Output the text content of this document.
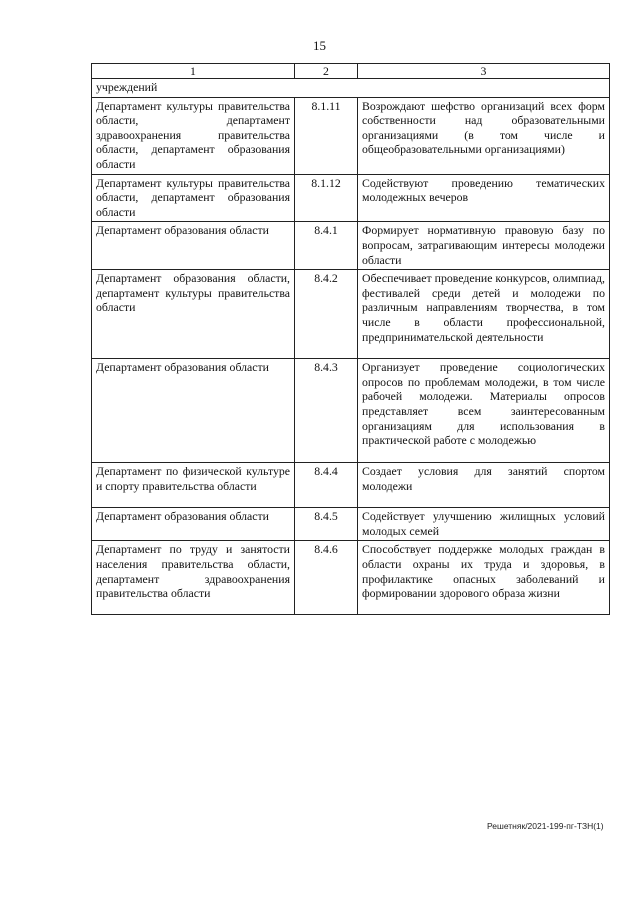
15
1	2	3
учреждений		
Департамент культуры правительства области, департамент здравоохранения правительства области, департамент образования области	8.1.11	Возрождают шефство организаций всех форм собственности над образовательными организациями (в том числе и общеобразовательными организациями)
Департамент культуры правительства области, департамент образования области	8.1.12	Содействуют проведению тематических молодежных вечеров
Департамент образования области	8.4.1	Формирует нормативную правовую базу по вопросам, затрагивающим интересы молодежи области
Департамент образования области, департамент культуры правительства области	8.4.2	Обеспечивает проведение конкурсов, олимпиад, фестивалей среди детей и молодежи по различным направлениям творчества, в том числе в области профессиональной, предпринимательской деятельности
Департамент образования области	8.4.3	Организует проведение социологических опросов по проблемам молодежи, в том числе рабочей молодежи. Материалы опросов представляет всем заинтересованным организациям для использования в практической работе с молодежью
Департамент по физической культуре и спорту правительства области	8.4.4	Создает условия для занятий спортом молодежи
Департамент образования области	8.4.5	Содействует улучшению жилищных условий молодых семей
Департамент по труду и занятости населения правительства области, департамент здравоохранения правительства области	8.4.6	Способствует поддержке молодых граждан в области охраны их труда и здоровья, в профилактике опасных заболеваний и формировании здорового образа жизни
Решетняк/2021-199-пг-ТЗН(1)
